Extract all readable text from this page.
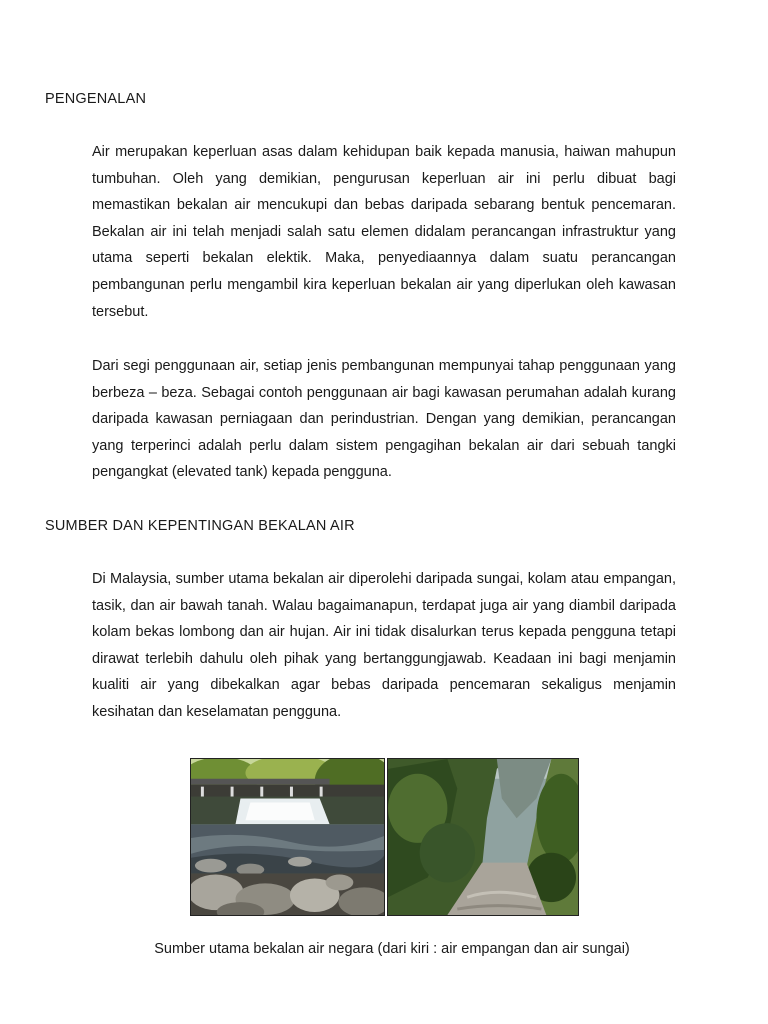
PENGENALAN

Air merupakan keperluan asas dalam kehidupan baik kepada manusia, haiwan mahupun tumbuhan. Oleh yang demikian, pengurusan keperluan air ini perlu dibuat bagi memastikan bekalan air mencukupi dan bebas daripada sebarang bentuk pencemaran. Bekalan air ini telah menjadi salah satu elemen didalam perancangan infrastruktur yang utama seperti bekalan elektik. Maka, penyediaannya dalam suatu perancangan pembangunan perlu mengambil kira keperluan bekalan air yang diperlukan oleh kawasan tersebut.

Dari segi penggunaan air, setiap jenis pembangunan mempunyai tahap penggunaan yang berbeza – beza. Sebagai contoh penggunaan air bagi kawasan perumahan adalah kurang daripada kawasan perniagaan dan perindustrian. Dengan yang demikian, perancangan yang terperinci adalah perlu dalam sistem pengagihan bekalan air dari sebuah tangki pengangkat (elevated tank) kepada pengguna.

SUMBER DAN KEPENTINGAN BEKALAN AIR

Di Malaysia, sumber utama bekalan air diperolehi daripada sungai, kolam atau empangan, tasik, dan air bawah tanah. Walau bagaimanapun, terdapat juga air yang diambil daripada kolam bekas lombong dan air hujan. Air ini tidak disalurkan terus kepada pengguna tetapi dirawat terlebih dahulu oleh pihak yang bertanggungjawab. Keadaan ini bagi menjamin kualiti air yang dibekalkan agar bebas daripada pencemaran sekaligus menjamin kesihatan dan keselamatan pengguna.

Sumber utama bekalan air negara (dari kiri : air empangan dan air sungai)
